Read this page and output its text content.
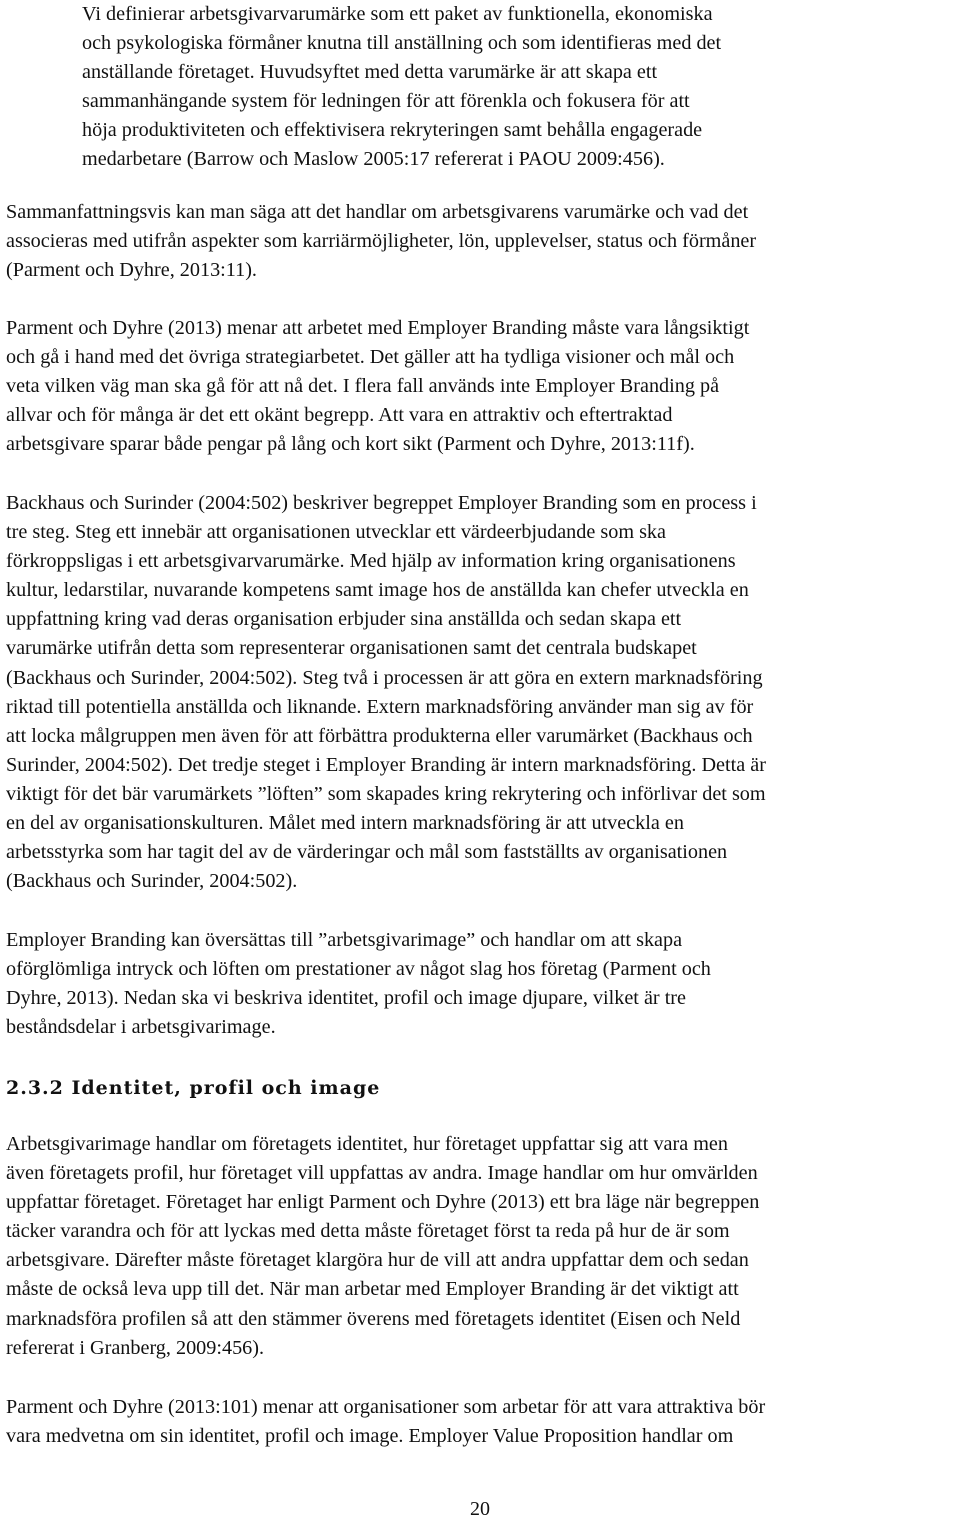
Vi definierar arbetsgivarvarumärke som ett paket av funktionella, ekonomiska
och psykologiska förmåner knutna till anställning och som identifieras med det
anställande företaget. Huvudsyftet med detta varumärke är att skapa ett
sammanhängande system för ledningen för att förenkla och fokusera för att
höja produktiviteten och effektivisera rekryteringen samt behålla engagerade
medarbetare (Barrow och Maslow 2005:17 refererat i PAOU 2009:456).
Sammanfattningsvis kan man säga att det handlar om arbetsgivarens varumärke och vad det
associeras med utifrån aspekter som karriärmöjligheter, lön, upplevelser, status och förmåner
(Parment och Dyhre, 2013:11).
Parment och Dyhre (2013) menar att arbetet med Employer Branding måste vara långsiktigt
och gå i hand med det övriga strategiarbetet. Det gäller att ha tydliga visioner och mål och
veta vilken väg man ska gå för att nå det. I flera fall används inte Employer Branding på
allvar och för många är det ett okänt begrepp. Att vara en attraktiv och eftertraktad
arbetsgivare sparar både pengar på lång och kort sikt (Parment och Dyhre, 2013:11f).
Backhaus och Surinder (2004:502) beskriver begreppet Employer Branding som en process i
tre steg. Steg ett innebär att organisationen utvecklar ett värdeerbjudande som ska
förkroppsligas i ett arbetsgivarvarumärke. Med hjälp av information kring organisationens
kultur, ledarstilar, nuvarande kompetens samt image hos de anställda kan chefer utveckla en
uppfattning kring vad deras organisation erbjuder sina anställda och sedan skapa ett
varumärke utifrån detta som representerar organisationen samt det centrala budskapet
(Backhaus och Surinder, 2004:502). Steg två i processen är att göra en extern marknadsföring
riktad till potentiella anställda och liknande. Extern marknadsföring använder man sig av för
att locka målgruppen men även för att förbättra produkterna eller varumärket (Backhaus och
Surinder, 2004:502). Det tredje steget i Employer Branding är intern marknadsföring. Detta är
viktigt för det bär varumärkets ”löften” som skapades kring rekrytering och införlivar det som
en del av organisationskulturen. Målet med intern marknadsföring är att utveckla en
arbetsstyrka som har tagit del av de värderingar och mål som fastställts av organisationen
(Backhaus och Surinder, 2004:502).
Employer Branding kan översättas till ”arbetsgivarimage” och handlar om att skapa
oförglömliga intryck och löften om prestationer av något slag hos företag (Parment och
Dyhre, 2013). Nedan ska vi beskriva identitet, profil och image djupare, vilket är tre
beståndsdelar i arbetsgivarimage.
2.3.2 Identitet, profil och image
Arbetsgivarimage handlar om företagets identitet, hur företaget uppfattar sig att vara men
även företagets profil, hur företaget vill uppfattas av andra. Image handlar om hur omvärlden
uppfattar företaget. Företaget har enligt Parment och Dyhre (2013) ett bra läge när begreppen
täcker varandra och för att lyckas med detta måste företaget först ta reda på hur de är som
arbetsgivare. Därefter måste företaget klargöra hur de vill att andra uppfattar dem och sedan
måste de också leva upp till det. När man arbetar med Employer Branding är det viktigt att
marknadsföra profilen så att den stämmer överens med företagets identitet (Eisen och Neld
refererat i Granberg, 2009:456).
Parment och Dyhre (2013:101) menar att organisationer som arbetar för att vara attraktiva bör
vara medvetna om sin identitet, profil och image. Employer Value Proposition handlar om
20
